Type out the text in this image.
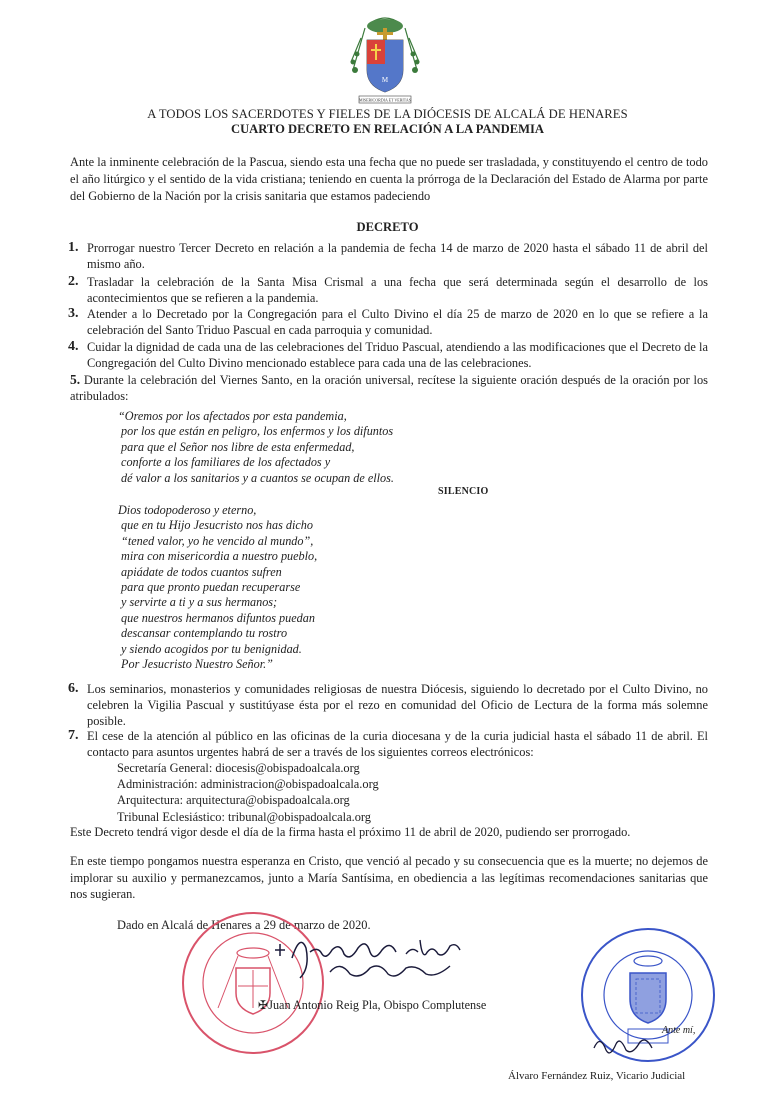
M
MISERICORDIA ET VERITAS
A TODOS LOS SACERDOTES Y FIELES DE LA DIÓCESIS DE ALCALÁ DE HENARES
CUARTO DECRETO EN RELACIÓN A LA PANDEMIA
Ante la inminente celebración de la Pascua, siendo esta una fecha que no puede ser trasladada, y constituyendo el centro de todo el año litúrgico y el sentido de la vida cristiana; teniendo en cuenta la prórroga de la Declaración del Estado de Alarma por parte del Gobierno de la Nación por la crisis sanitaria que estamos padeciendo
DECRETO
1. Prorrogar nuestro Tercer Decreto en relación a la pandemia de fecha 14 de marzo de 2020 hasta el sábado 11 de abril del mismo año.
2. Trasladar la celebración de la Santa Misa Crismal a una fecha que será determinada según el desarrollo de los acontecimientos que se refieren a la pandemia.
3. Atender a lo Decretado por la Congregación para el Culto Divino el día 25 de marzo de 2020 en lo que se refiere a la celebración del Santo Triduo Pascual en cada parroquia y comunidad.
4. Cuidar la dignidad de cada una de las celebraciones del Triduo Pascual, atendiendo a las modificaciones que el Decreto de la Congregación del Culto Divino mencionado establece para cada una de las celebraciones.
5. Durante la celebración del Viernes Santo, en la oración universal, recítese la siguiente oración después de la oración por los atribulados:
“Oremos por los afectados por esta pandemia,
por los que están en peligro, los enfermos y los difuntos
para que el Señor nos libre de esta enfermedad,
conforte a los familiares de los afectados y
dé valor a los sanitarios y a cuantos se ocupan de ellos.
SILENCIO
Dios todopoderoso y eterno,
que en tu Hijo Jesucristo nos has dicho
“tened valor, yo he vencido al mundo”,
mira con misericordia a nuestro pueblo,
apiádate de todos cuantos sufren
para que pronto puedan recuperarse
y servirte a ti y a sus hermanos;
que nuestros hermanos difuntos puedan
descansar contemplando tu rostro
y siendo acogidos por tu benignidad.
Por Jesucristo Nuestro Señor.”
6. Los seminarios, monasterios y comunidades religiosas de nuestra Diócesis, siguiendo lo decretado por el Culto Divino, no celebren la Vigilia Pascual y sustitúyase ésta por el rezo en comunidad del Oficio de Lectura de la forma más solemne posible.
7. El cese de la atención al público en las oficinas de la curia diocesana y de la curia judicial hasta el sábado 11 de abril. El contacto para asuntos urgentes habrá de ser a través de los siguientes correos electrónicos:
Secretaría General: diocesis@obispadoalcala.org
Administración: administracion@obispadoalcala.org
Arquitectura: arquitectura@obispadoalcala.org
Tribunal Eclesiástico: tribunal@obispadoalcala.org
Este Decreto tendrá vigor desde el día de la firma hasta el próximo 11 de abril de 2020, pudiendo ser prorrogado.
En este tiempo pongamos nuestra esperanza en Cristo, que venció al pecado y su consecuencia que es la muerte; no dejemos de implorar su auxilio y permanezcamos, junto a María Santísima, en obediencia a las legítimas recomendaciones sanitarias que nos sugieran.
Dado en Alcalá de Henares a 29 de marzo de 2020.
✠Juan Antonio Reig Pla, Obispo Complutense
Ante mí,
Álvaro Fernández Ruiz, Vicario Judicial
